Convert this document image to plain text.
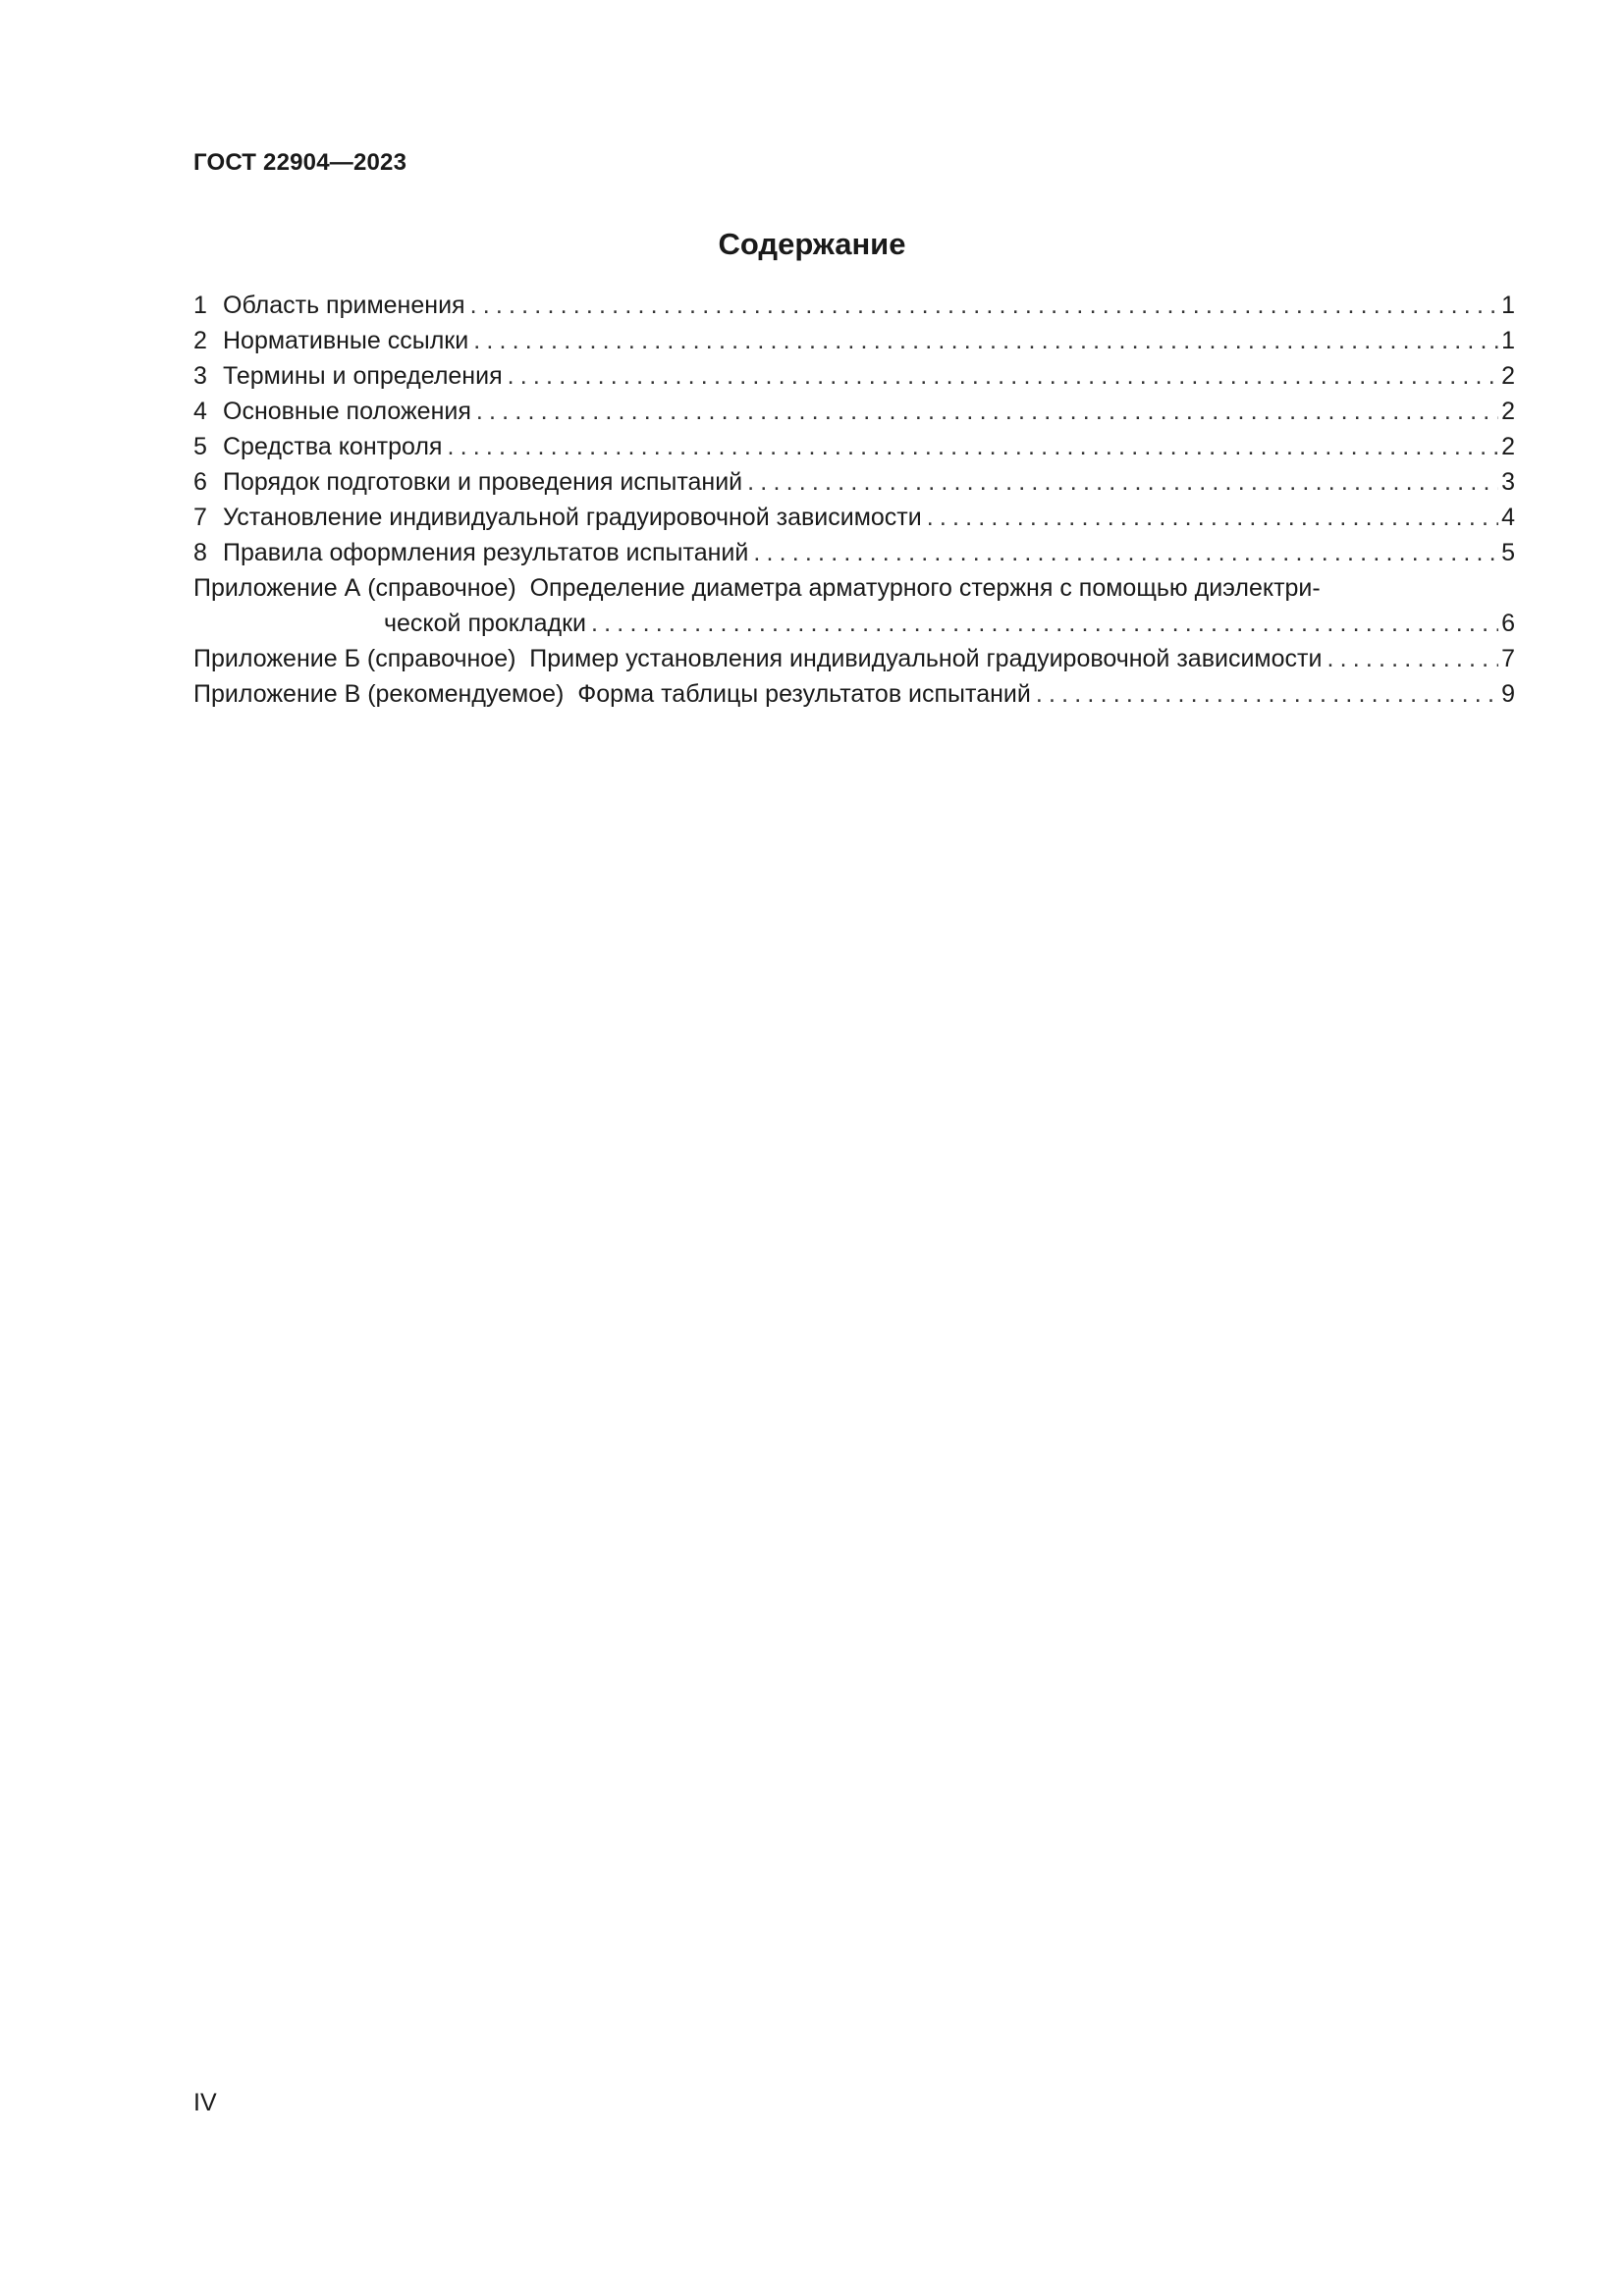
ГОСТ 22904—2023
Содержание
1 Область применения .....	1
2 Нормативные ссылки .....	1
3 Термины и определения .....	2
4 Основные положения .....	2
5 Средства контроля .....	2
6 Порядок подготовки и проведения испытаний .....	3
7 Установление индивидуальной градуировочной зависимости .....	4
8 Правила оформления результатов испытаний .....	5
Приложение А (справочное)  Определение диаметра арматурного стержня с помощью диэлектри-
ческой прокладки .....	6
Приложение Б (справочное)  Пример установления индивидуальной градуировочной зависимости .....	7
Приложение В (рекомендуемое)  Форма таблицы результатов испытаний .....	9
IV
